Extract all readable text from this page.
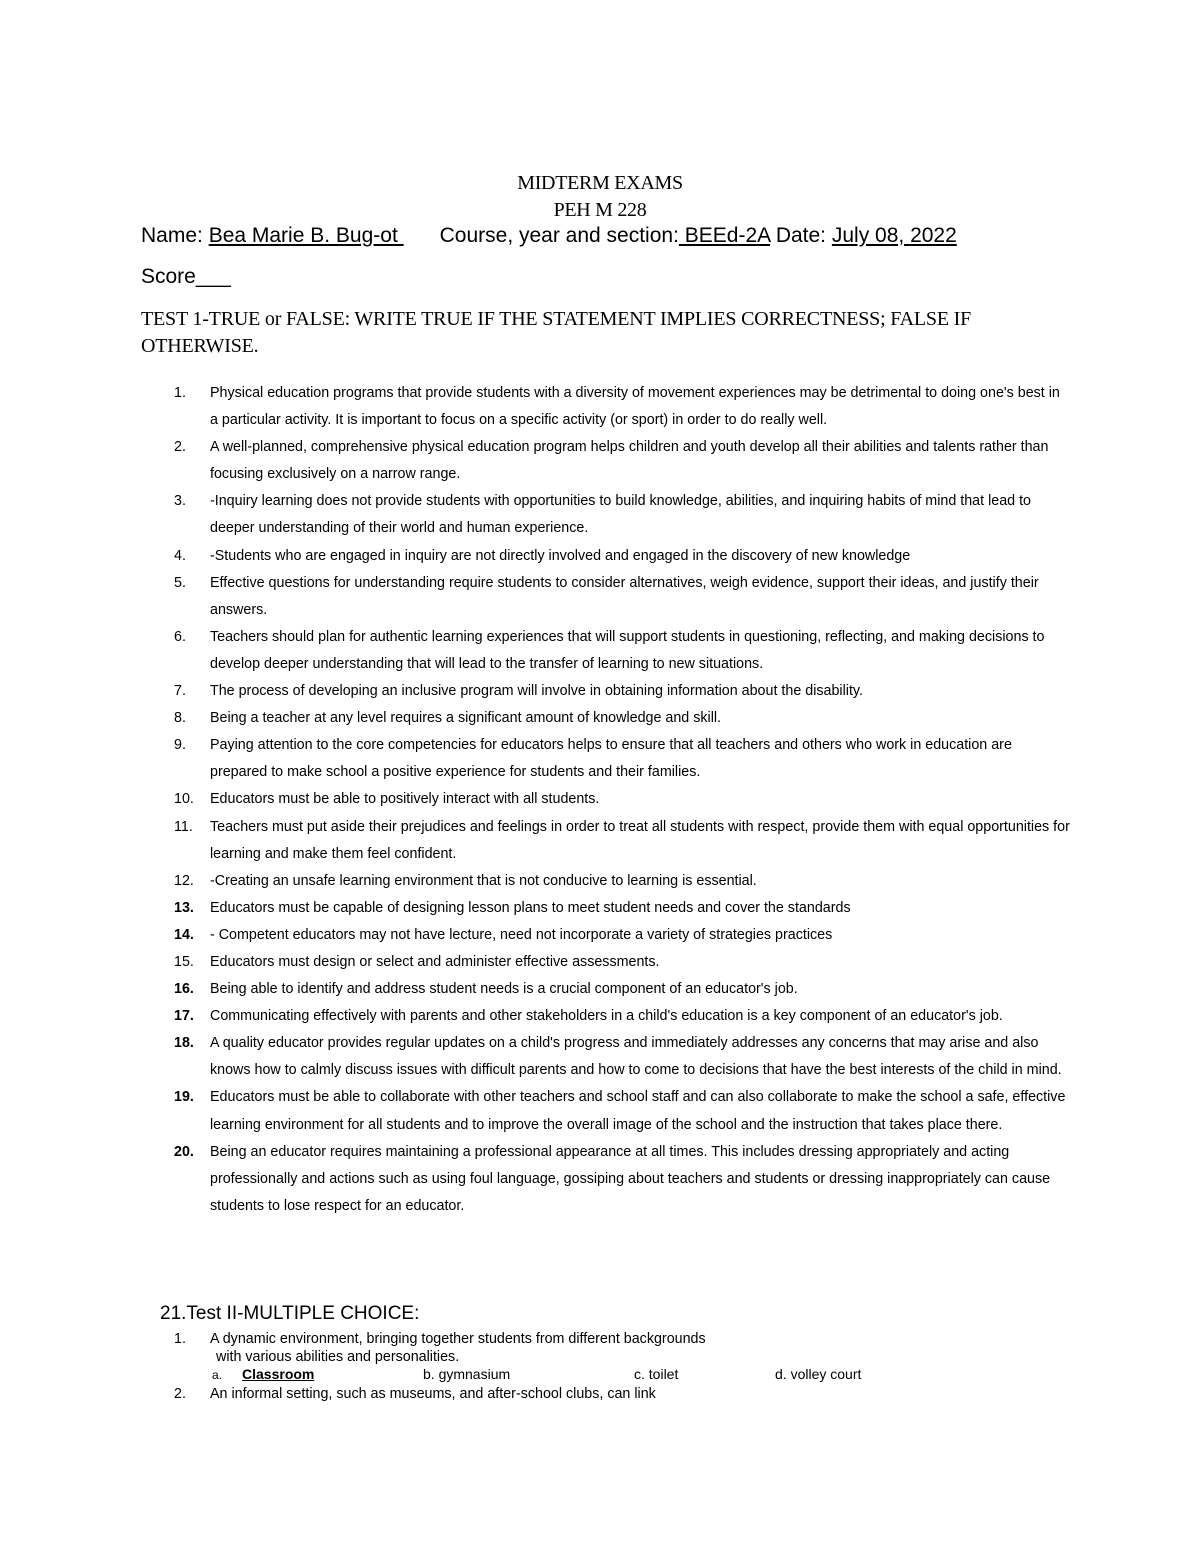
MIDTERM EXAMS
PEH M 228
Name: Bea Marie B. Bug-ot Course, year and section: BEEd-2A Date: July 08, 2022
Score___
TEST 1-TRUE or FALSE: WRITE TRUE IF THE STATEMENT IMPLIES CORRECTNESS; FALSE IF OTHERWISE.
1. Physical education programs that provide students with a diversity of movement experiences may be detrimental to doing one's best in a particular activity. It is important to focus on a specific activity (or sport) in order to do really well.
2. A well-planned, comprehensive physical education program helps children and youth develop all their abilities and talents rather than focusing exclusively on a narrow range.
3. -Inquiry learning does not provide students with opportunities to build knowledge, abilities, and inquiring habits of mind that lead to deeper understanding of their world and human experience.
4. -Students who are engaged in inquiry are not directly involved and engaged in the discovery of new knowledge
5. Effective questions for understanding require students to consider alternatives, weigh evidence, support their ideas, and justify their answers.
6. Teachers should plan for authentic learning experiences that will support students in questioning, reflecting, and making decisions to develop deeper understanding that will lead to the transfer of learning to new situations.
7. The process of developing an inclusive program will involve in obtaining information about the disability.
8. Being a teacher at any level requires a significant amount of knowledge and skill.
9. Paying attention to the core competencies for educators helps to ensure that all teachers and others who work in education are prepared to make school a positive experience for students and their families.
10. Educators must be able to positively interact with all students.
11. Teachers must put aside their prejudices and feelings in order to treat all students with respect, provide them with equal opportunities for learning and make them feel confident.
12. -Creating an unsafe learning environment that is not conducive to learning is essential.
13. Educators must be capable of designing lesson plans to meet student needs and cover the standards
14. - Competent educators may not have lecture, need not incorporate a variety of strategies practices
15. Educators must design or select and administer effective assessments.
16. Being able to identify and address student needs is a crucial component of an educator's job.
17. Communicating effectively with parents and other stakeholders in a child's education is a key component of an educator's job.
18. A quality educator provides regular updates on a child's progress and immediately addresses any concerns that may arise and also knows how to calmly discuss issues with difficult parents and how to come to decisions that have the best interests of the child in mind.
19. Educators must be able to collaborate with other teachers and school staff and can also collaborate to make the school a safe, effective learning environment for all students and to improve the overall image of the school and the instruction that takes place there.
20. Being an educator requires maintaining a professional appearance at all times. This includes dressing appropriately and acting professionally and actions such as using foul language, gossiping about teachers and students or dressing inappropriately can cause students to lose respect for an educator.
21.Test II-MULTIPLE CHOICE:
1. A dynamic environment, bringing together students from different backgrounds
with various abilities and personalities.
a. Classroom	b. gymnasium	c. toilet	d. volley court
2. An informal setting, such as museums, and after-school clubs, can link
